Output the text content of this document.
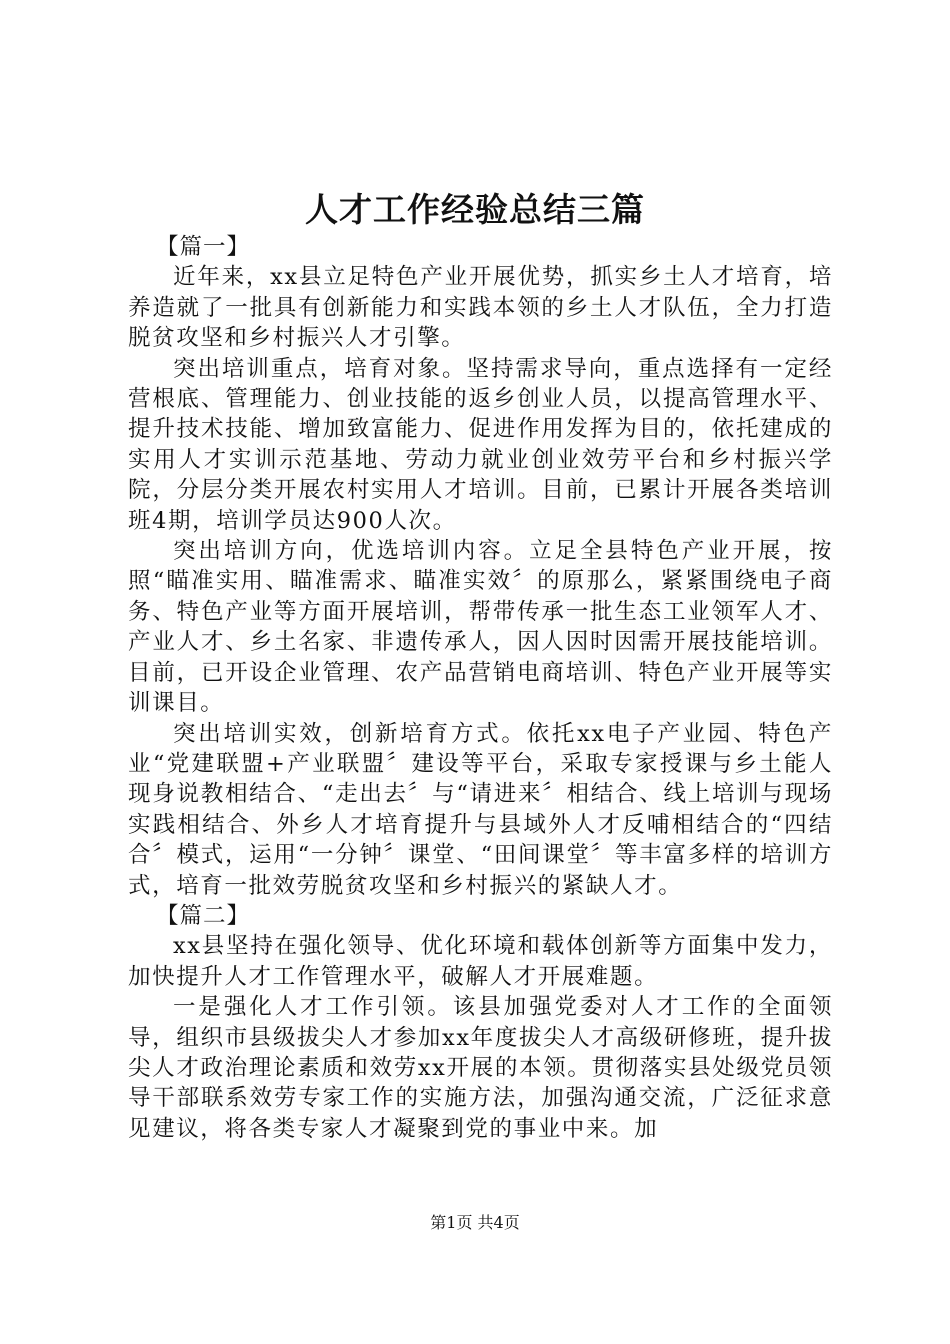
人才工作经验总结三篇

【篇一】

近年来，xx县立足特色产业开展优势，抓实乡土人才培育，培养造就了一批具有创新能力和实践本领的乡土人才队伍，全力打造脱贫攻坚和乡村振兴人才引擎。

突出培训重点，培育对象。坚持需求导向，重点选择有一定经营根底、管理能力、创业技能的返乡创业人员，以提高管理水平、提升技术技能、增加致富能力、促进作用发挥为目的，依托建成的实用人才实训示范基地、劳动力就业创业效劳平台和乡村振兴学院，分层分类开展农村实用人才培训。目前，已累计开展各类培训班4期，培训学员达900人次。

突出培训方向，优选培训内容。立足全县特色产业开展，按照“瞄准实用、瞄准需求、瞄准实效〞的原那么，紧紧围绕电子商务、特色产业等方面开展培训，帮带传承一批生态工业领军人才、产业人才、乡土名家、非遗传承人，因人因时因需开展技能培训。目前，已开设企业管理、农产品营销电商培训、特色产业开展等实训课目。

突出培训实效，创新培育方式。依托xx电子产业园、特色产业“党建联盟+产业联盟〞建设等平台，采取专家授课与乡土能人现身说教相结合、“走出去〞与“请进来〞相结合、线上培训与现场实践相结合、外乡人才培育提升与县域外人才反哺相结合的“四结合〞模式，运用“一分钟〞课堂、“田间课堂〞等丰富多样的培训方式，培育一批效劳脱贫攻坚和乡村振兴的紧缺人才。

【篇二】

xx县坚持在强化领导、优化环境和载体创新等方面集中发力，加快提升人才工作管理水平，破解人才开展难题。

一是强化人才工作引领。该县加强党委对人才工作的全面领导，组织市县级拔尖人才参加xx年度拔尖人才高级研修班，提升拔尖人才政治理论素质和效劳xx开展的本领。贯彻落实县处级党员领导干部联系效劳专家工作的实施方法，加强沟通交流，广泛征求意见建议，将各类专家人才凝聚到党的事业中来。加

第1页 共4页
